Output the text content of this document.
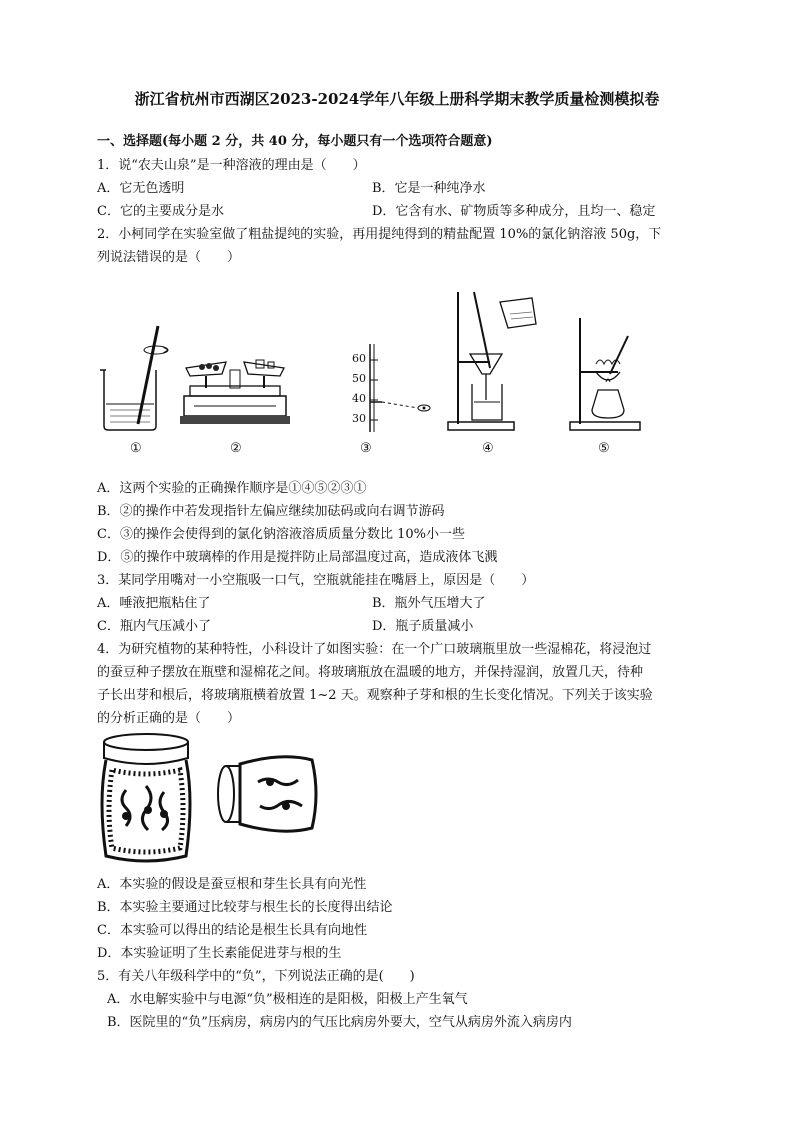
浙江省杭州市西湖区2023-2024学年八年级上册科学期末教学质量检测模拟卷
一、选择题(每小题 2 分，共 40 分，每小题只有一个选项符合题意)
1．说“农夫山泉”是一种溶液的理由是（　　）
A．它无色透明	B．它是一种纯净水
C．它的主要成分是水	D．它含有水、矿物质等多种成分，且均一、稳定
2．小柯同学在实验室做了粗盐提纯的实验，再用提纯得到的精盐配置 10%的氯化钠溶液 50g，下
列说法错误的是（　　）
①	②
60
50
40
30
③	④	⑤
A．这两个实验的正确操作顺序是①④⑤②③①
B．②的操作中若发现指针左偏应继续加砝码或向右调节游码
C．③的操作会使得到的氯化钠溶液溶质质量分数比 10%小一些
D．⑤的操作中玻璃棒的作用是搅拌防止局部温度过高，造成液体飞溅
3．某同学用嘴对一小空瓶吸一口气，空瓶就能挂在嘴唇上，原因是（　　）
A．唾液把瓶粘住了	B．瓶外气压增大了
C．瓶内气压减小了	D．瓶子质量减小
4．为研究植物的某种特性，小科设计了如图实验：在一个广口玻璃瓶里放一些湿棉花，将浸泡过
的蚕豆种子摆放在瓶壁和湿棉花之间。将玻璃瓶放在温暖的地方，并保持湿润，放置几天，待种
子长出芽和根后，将玻璃瓶横着放置 1~2 天。观察种子芽和根的生长变化情况。下列关于该实验
的分析正确的是（　　）
A．本实验的假设是蚕豆根和芽生长具有向光性
B．本实验主要通过比较芽与根生长的长度得出结论
C．本实验可以得出的结论是根生长具有向地性
D．本实验证明了生长素能促进芽与根的生
5．有关八年级科学中的“负”，下列说法正确的是(　　)
A．水电解实验中与电源“负”极相连的是阳极，阳极上产生氧气
B．医院里的“负”压病房，病房内的气压比病房外要大，空气从病房外流入病房内
